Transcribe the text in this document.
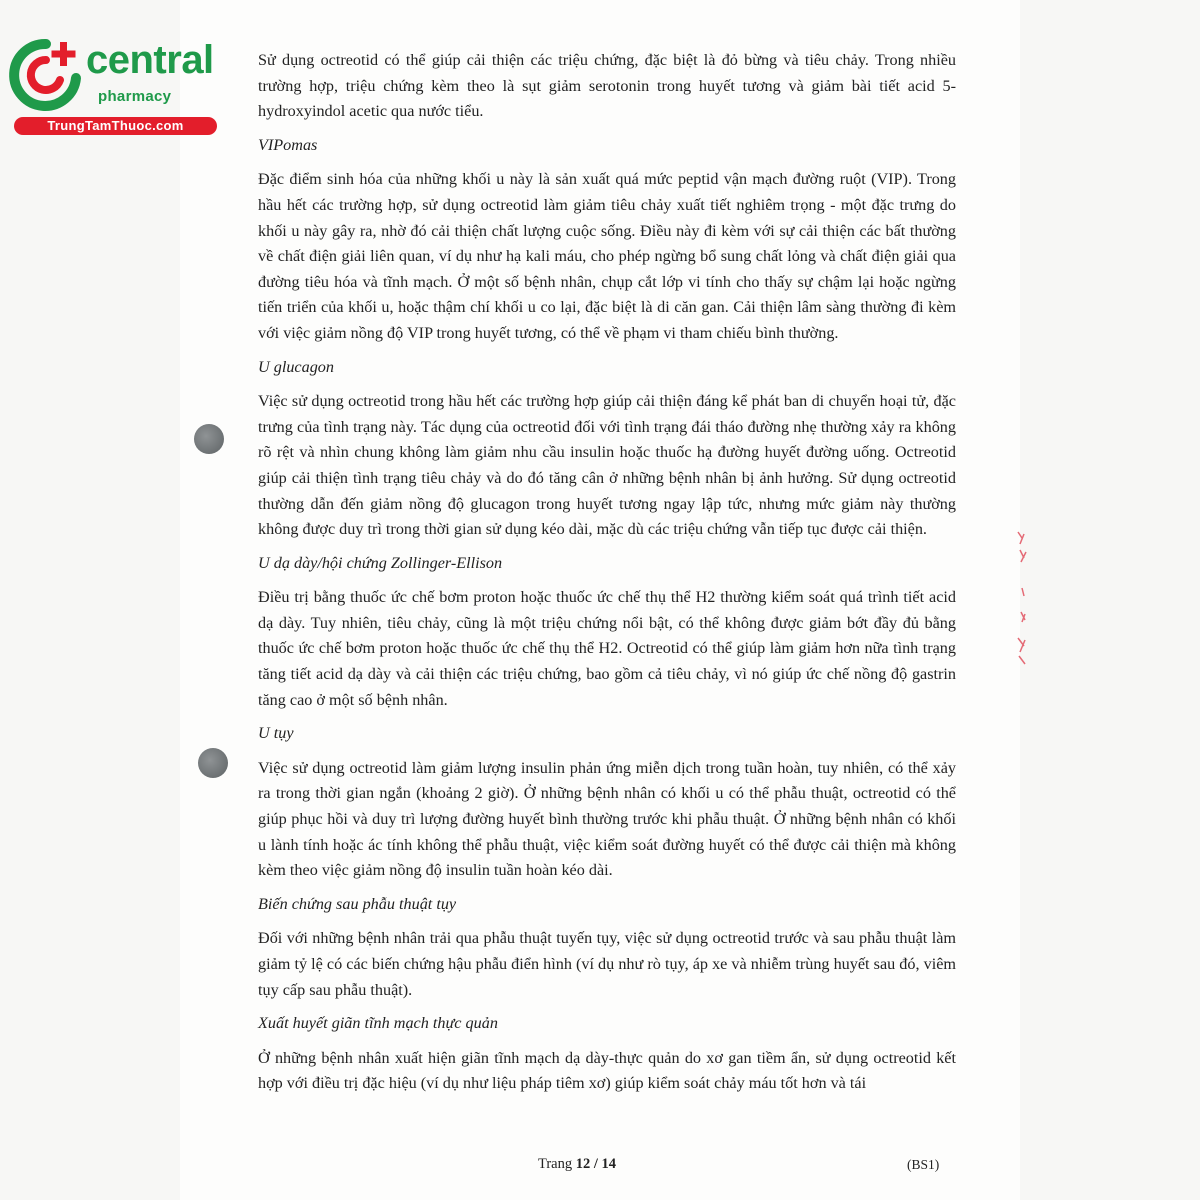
central
pharmacy
TrungTamThuoc.com

Sử dụng octreotid có thể giúp cải thiện các triệu chứng, đặc biệt là đỏ bừng và tiêu chảy. Trong nhiều trường hợp, triệu chứng kèm theo là sụt giảm serotonin trong huyết tương và giảm bài tiết acid 5-hydroxyindol acetic qua nước tiểu.

VIPomas

Đặc điểm sinh hóa của những khối u này là sản xuất quá mức peptid vận mạch đường ruột (VIP). Trong hầu hết các trường hợp, sử dụng octreotid làm giảm tiêu chảy xuất tiết nghiêm trọng - một đặc trưng do khối u này gây ra, nhờ đó cải thiện chất lượng cuộc sống. Điều này đi kèm với sự cải thiện các bất thường về chất điện giải liên quan, ví dụ như hạ kali máu, cho phép ngừng bổ sung chất lỏng và chất điện giải qua đường tiêu hóa và tĩnh mạch. Ở một số bệnh nhân, chụp cắt lớp vi tính cho thấy sự chậm lại hoặc ngừng tiến triển của khối u, hoặc thậm chí khối u co lại, đặc biệt là di căn gan. Cải thiện lâm sàng thường đi kèm với việc giảm nồng độ VIP trong huyết tương, có thể về phạm vi tham chiếu bình thường.

U glucagon

Việc sử dụng octreotid trong hầu hết các trường hợp giúp cải thiện đáng kể phát ban di chuyển hoại tử, đặc trưng của tình trạng này. Tác dụng của octreotid đối với tình trạng đái tháo đường nhẹ thường xảy ra không rõ rệt và nhìn chung không làm giảm nhu cầu insulin hoặc thuốc hạ đường huyết đường uống. Octreotid giúp cải thiện tình trạng tiêu chảy và do đó tăng cân ở những bệnh nhân bị ảnh hưởng. Sử dụng octreotid thường dẫn đến giảm nồng độ glucagon trong huyết tương ngay lập tức, nhưng mức giảm này thường không được duy trì trong thời gian sử dụng kéo dài, mặc dù các triệu chứng vẫn tiếp tục được cải thiện.

U dạ dày/hội chứng Zollinger-Ellison

Điều trị bằng thuốc ức chế bơm proton hoặc thuốc ức chế thụ thể H2 thường kiểm soát quá trình tiết acid dạ dày. Tuy nhiên, tiêu chảy, cũng là một triệu chứng nổi bật, có thể không được giảm bớt đầy đủ bằng thuốc ức chế bơm proton hoặc thuốc ức chế thụ thể H2. Octreotid có thể giúp làm giảm hơn nữa tình trạng tăng tiết acid dạ dày và cải thiện các triệu chứng, bao gồm cả tiêu chảy, vì nó giúp ức chế nồng độ gastrin tăng cao ở một số bệnh nhân.

U tụy

Việc sử dụng octreotid làm giảm lượng insulin phản ứng miễn dịch trong tuần hoàn, tuy nhiên, có thể xảy ra trong thời gian ngắn (khoảng 2 giờ). Ở những bệnh nhân có khối u có thể phẫu thuật, octreotid có thể giúp phục hồi và duy trì lượng đường huyết bình thường trước khi phẫu thuật. Ở những bệnh nhân có khối u lành tính hoặc ác tính không thể phẫu thuật, việc kiểm soát đường huyết có thể được cải thiện mà không kèm theo việc giảm nồng độ insulin tuần hoàn kéo dài.

Biến chứng sau phẫu thuật tụy

Đối với những bệnh nhân trải qua phẫu thuật tuyến tụy, việc sử dụng octreotid trước và sau phẫu thuật làm giảm tỷ lệ có các biến chứng hậu phẫu điển hình (ví dụ như rò tụy, áp xe và nhiễm trùng huyết sau đó, viêm tụy cấp sau phẫu thuật).

Xuất huyết giãn tĩnh mạch thực quản

Ở những bệnh nhân xuất hiện giãn tĩnh mạch dạ dày-thực quản do xơ gan tiềm ẩn, sử dụng octreotid kết hợp với điều trị đặc hiệu (ví dụ như liệu pháp tiêm xơ) giúp kiểm soát chảy máu tốt hơn và tái

Trang 12 / 14	(BS1)
